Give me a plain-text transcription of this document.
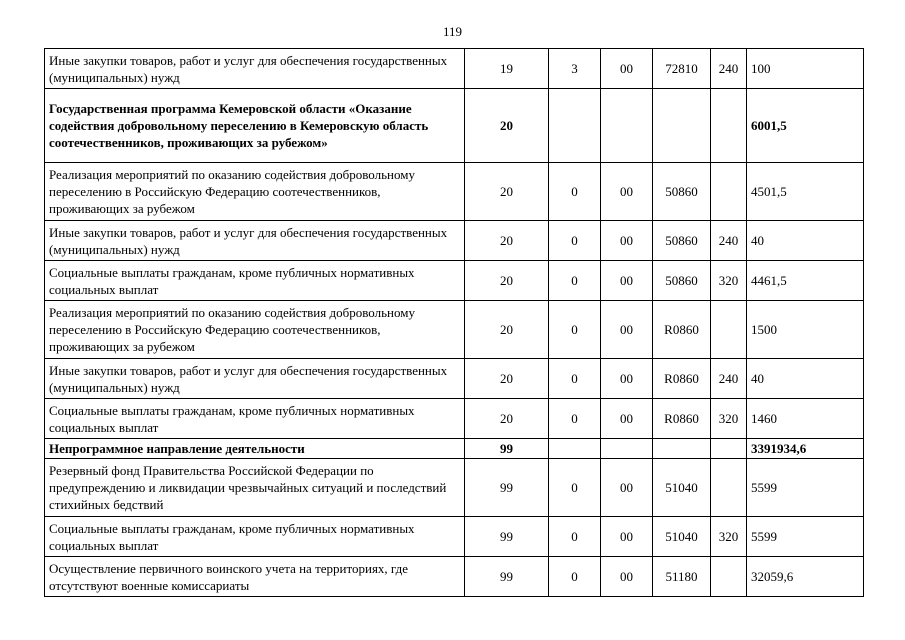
119
Иные закупки товаров, работ и услуг для обеспечения государственных (муниципальных) нужд	19	3	00	72810	240	100
Государственная программа Кемеровской области «Оказание содействия добровольному переселению в Кемеровскую область соотечественников, проживающих за рубежом»	20					6001,5
Реализация мероприятий по оказанию содействия добровольному переселению в Российскую Федерацию соотечественников, проживающих за рубежом	20	0	00	50860		4501,5
Иные закупки товаров, работ и услуг для обеспечения государственных (муниципальных) нужд	20	0	00	50860	240	40
Социальные выплаты гражданам, кроме публичных нормативных социальных выплат	20	0	00	50860	320	4461,5
Реализация мероприятий по оказанию содействия добровольному переселению в Российскую Федерацию соотечественников, проживающих за рубежом	20	0	00	R0860		1500
Иные закупки товаров, работ и услуг для обеспечения государственных (муниципальных) нужд	20	0	00	R0860	240	40
Социальные выплаты гражданам, кроме публичных нормативных социальных выплат	20	0	00	R0860	320	1460
Непрограммное направление деятельности	99					3391934,6
Резервный фонд Правительства Российской Федерации по предупреждению и ликвидации чрезвычайных ситуаций и последствий стихийных бедствий	99	0	00	51040		5599
Социальные выплаты гражданам, кроме публичных нормативных социальных выплат	99	0	00	51040	320	5599
Осуществление первичного воинского учета на территориях, где отсутствуют военные комиссариаты	99	0	00	51180		32059,6
